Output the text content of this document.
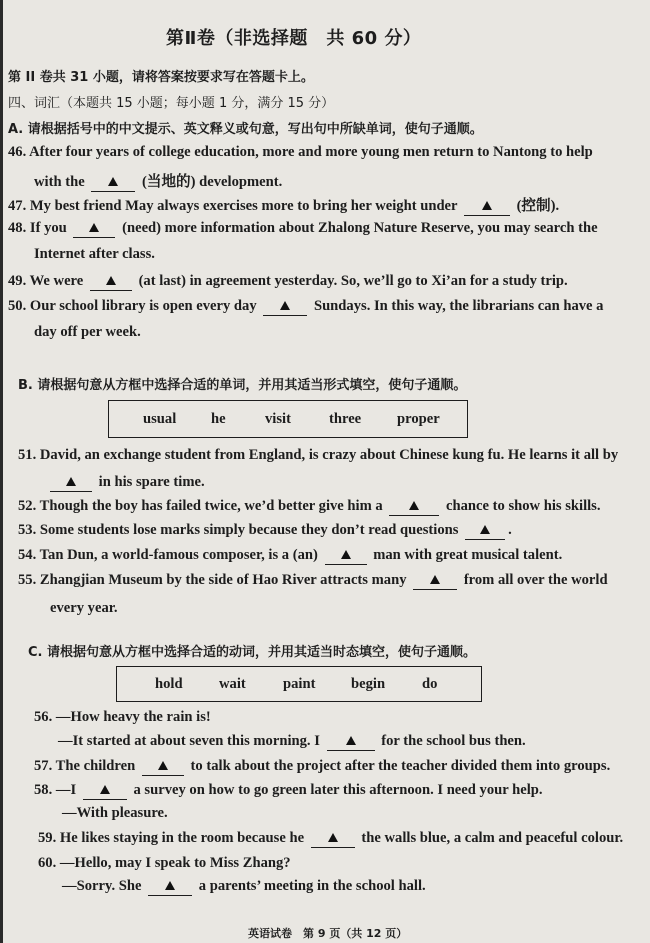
第Ⅱ卷（非选择题　共 60 分）
第 II 卷共 31 小题，请将答案按要求写在答题卡上。
四、词汇（本题共 15 小题；每小题 1 分，满分 15 分）
A. 请根据括号中的中文提示、英文释义或句意，写出句中所缺单词，使句子通顺。
46. After four years of college education, more and more young men return to Nantong to help
with the	(当地的) development.
47. My best friend May always exercises more to bring her weight under	(控制).
48. If you	(need) more information about Zhalong Nature Reserve, you may search the
Internet after class.
49. We were	(at last) in agreement yesterday. So, we’ll go to Xi’an for a study trip.
50. Our school library is open every day	Sundays. In this way, the librarians can have a
day off per week.
B. 请根据句意从方框中选择合适的单词，并用其适当形式填空，使句子通顺。
usual he	visit	three proper
51. David, an exchange student from England, is crazy about Chinese kung fu. He learns it all by
in his spare time.
52. Though the boy has failed twice, we’d better give him a	chance to show his skills.
53. Some students lose marks simply because they don’t read questions	.
54. Tan Dun, a world-famous composer, is a (an)	man with great musical talent.
55. Zhangjian Museum by the side of Hao River attracts many	from all over the world
every year.
C. 请根据句意从方框中选择合适的动词，并用其适当时态填空，使句子通顺。
hold wait	paint begin	do
56. —How heavy the rain is!
—It started at about seven this morning. I	for the school bus then.
57. The children	to talk about the project after the teacher divided them into groups.
58. —I	a survey on how to go green later this afternoon. I need your help.
—With pleasure.
59. He likes staying in the room because he	the walls blue, a calm and peaceful colour.
60. —Hello, may I speak to Miss Zhang?
—Sorry. She	a parents’ meeting in the school hall.
英语试卷　第 9 页（共 12 页）
